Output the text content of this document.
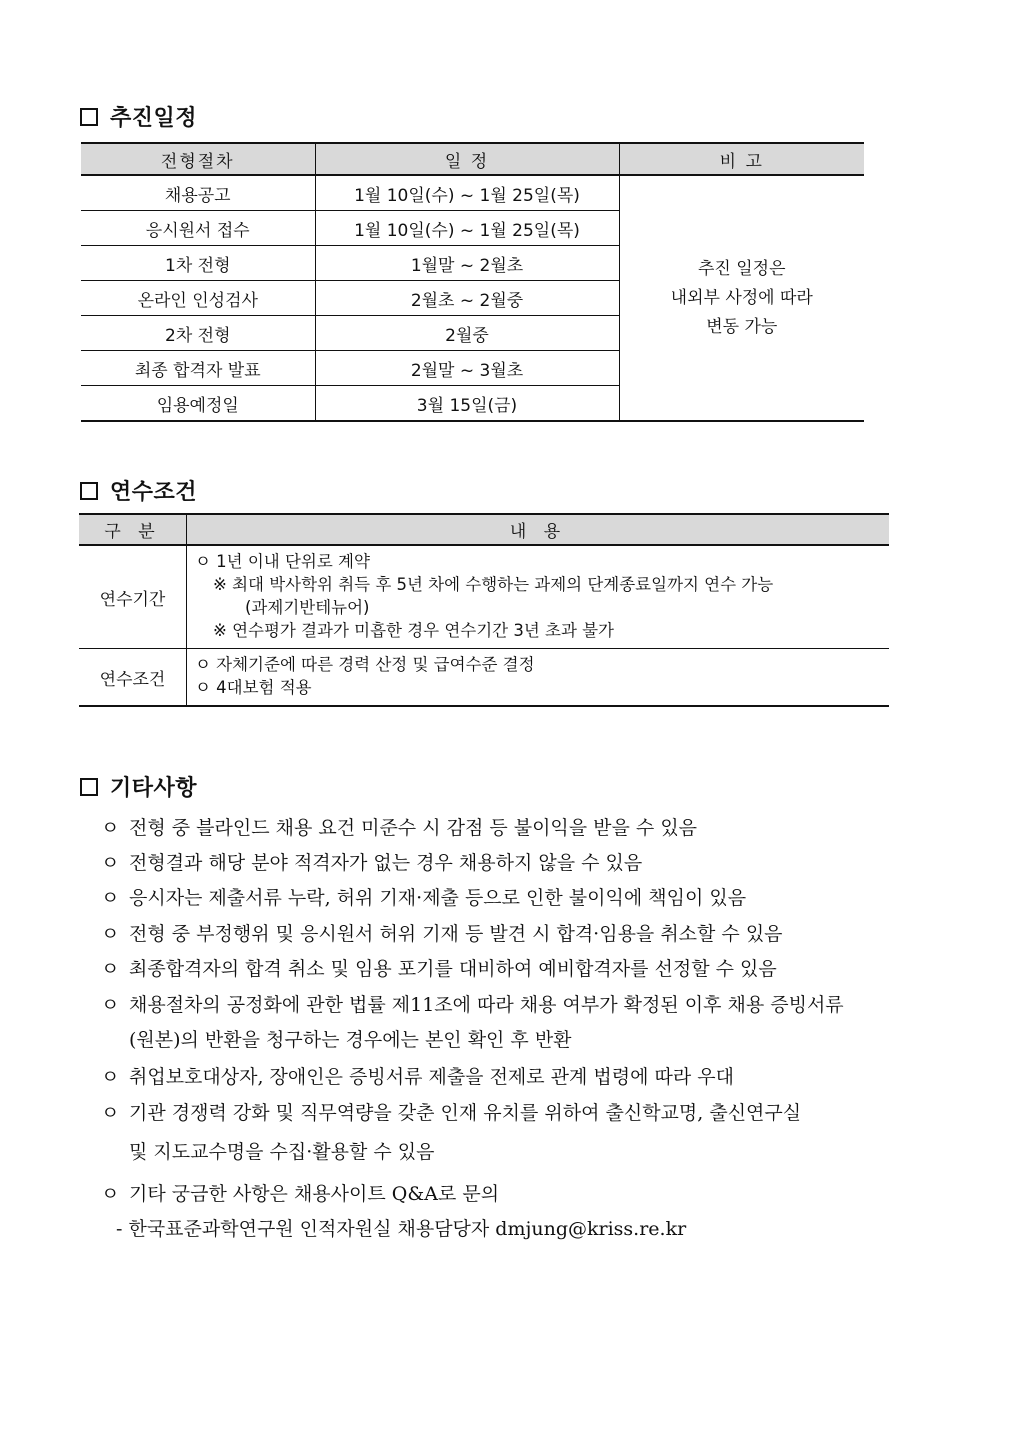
추진일정
전형절차	일 정	비 고
채용공고	1월 10일(수) ~ 1월 25일(목)	추진 일정은
내외부 사정에 따라
변동 가능

응시원서 접수	1월 10일(수) ~ 1월 25일(목)	
1차 전형	1월말 ~ 2월초	
온라인 인성검사	2월초 ~ 2월중	
2차 전형	2월중	
최종 합격자 발표	2월말 ~ 3월초	
임용예정일	3월 15일(금)	
연수조건
구 분	내 용
연수기간	ㅇ 1년 이내 단위로 계약
※ 최대 박사학위 취득 후 5년 차에 수행하는 과제의 단계종료일까지 연수 가능
(과제기반테뉴어)
※ 연수평가 결과가 미흡한 경우 연수기간 3년 초과 불가

연수조건	ㅇ 자체기준에 따른 경력 산정 및 급여수준 결정
ㅇ 4대보험 적용
기타사항
ㅇ 전형 중 블라인드 채용 요건 미준수 시 감점 등 불이익을 받을 수 있음
ㅇ 전형결과 해당 분야 적격자가 없는 경우 채용하지 않을 수 있음
ㅇ 응시자는 제출서류 누락, 허위 기재·제출 등으로 인한 불이익에 책임이 있음
ㅇ 전형 중 부정행위 및 응시원서 허위 기재 등 발견 시 합격·임용을 취소할 수 있음
ㅇ 최종합격자의 합격 취소 및 임용 포기를 대비하여 예비합격자를 선정할 수 있음
ㅇ 채용절차의 공정화에 관한 법률 제11조에 따라 채용 여부가 확정된 이후 채용 증빙서류
(원본)의 반환을 청구하는 경우에는 본인 확인 후 반환
ㅇ 취업보호대상자, 장애인은 증빙서류 제출을 전제로 관계 법령에 따라 우대
ㅇ 기관 경쟁력 강화 및 직무역량을 갖춘 인재 유치를 위하여 출신학교명, 출신연구실
및 지도교수명을 수집·활용할 수 있음
ㅇ 기타 궁금한 사항은 채용사이트 Q&A로 문의
- 한국표준과학연구원 인적자원실 채용담당자 dmjung@kriss.re.kr
